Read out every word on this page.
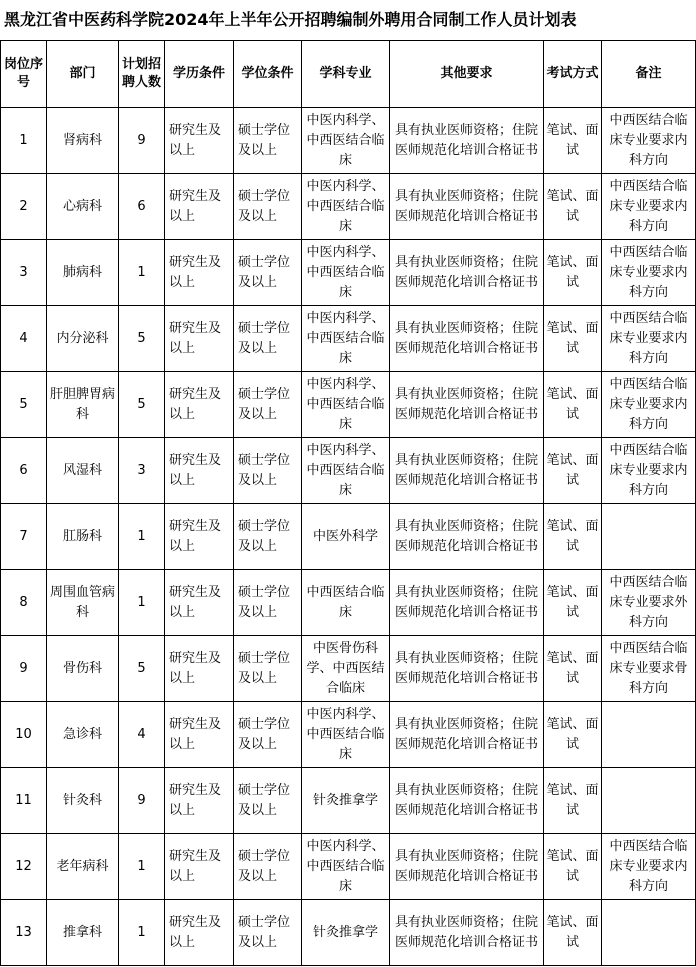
黑龙江省中医药科学院2024年上半年公开招聘编制外聘用合同制工作人员计划表
岗位序号	部门	计划招聘人数	学历条件	学位条件	学科专业	其他要求	考试方式	备注
1	肾病科	9	研究生及以上	硕士学位及以上	中医内科学、中西医结合临床	具有执业医师资格；住院医师规范化培训合格证书	笔试、面试	中西医结合临床专业要求内科方向
2	心病科	6	研究生及以上	硕士学位及以上	中医内科学、中西医结合临床	具有执业医师资格；住院医师规范化培训合格证书	笔试、面试	中西医结合临床专业要求内科方向
3	肺病科	1	研究生及以上	硕士学位及以上	中医内科学、中西医结合临床	具有执业医师资格；住院医师规范化培训合格证书	笔试、面试	中西医结合临床专业要求内科方向
4	内分泌科	5	研究生及以上	硕士学位及以上	中医内科学、中西医结合临床	具有执业医师资格；住院医师规范化培训合格证书	笔试、面试	中西医结合临床专业要求内科方向
5	肝胆脾胃病科	5	研究生及以上	硕士学位及以上	中医内科学、中西医结合临床	具有执业医师资格；住院医师规范化培训合格证书	笔试、面试	中西医结合临床专业要求内科方向
6	风湿科	3	研究生及以上	硕士学位及以上	中医内科学、中西医结合临床	具有执业医师资格；住院医师规范化培训合格证书	笔试、面试	中西医结合临床专业要求内科方向
7	肛肠科	1	研究生及以上	硕士学位及以上	中医外科学	具有执业医师资格；住院医师规范化培训合格证书	笔试、面试	
8	周围血管病科	1	研究生及以上	硕士学位及以上	中西医结合临床	具有执业医师资格；住院医师规范化培训合格证书	笔试、面试	中西医结合临床专业要求外科方向
9	骨伤科	5	研究生及以上	硕士学位及以上	中医骨伤科学、中西医结合临床	具有执业医师资格；住院医师规范化培训合格证书	笔试、面试	中西医结合临床专业要求骨科方向
10	急诊科	4	研究生及以上	硕士学位及以上	中医内科学、中西医结合临床	具有执业医师资格；住院医师规范化培训合格证书	笔试、面试	
11	针灸科	9	研究生及以上	硕士学位及以上	针灸推拿学	具有执业医师资格；住院医师规范化培训合格证书	笔试、面试	
12	老年病科	1	研究生及以上	硕士学位及以上	中医内科学、中西医结合临床	具有执业医师资格；住院医师规范化培训合格证书	笔试、面试	中西医结合临床专业要求内科方向
13	推拿科	1	研究生及以上	硕士学位及以上	针灸推拿学	具有执业医师资格；住院医师规范化培训合格证书	笔试、面试	
